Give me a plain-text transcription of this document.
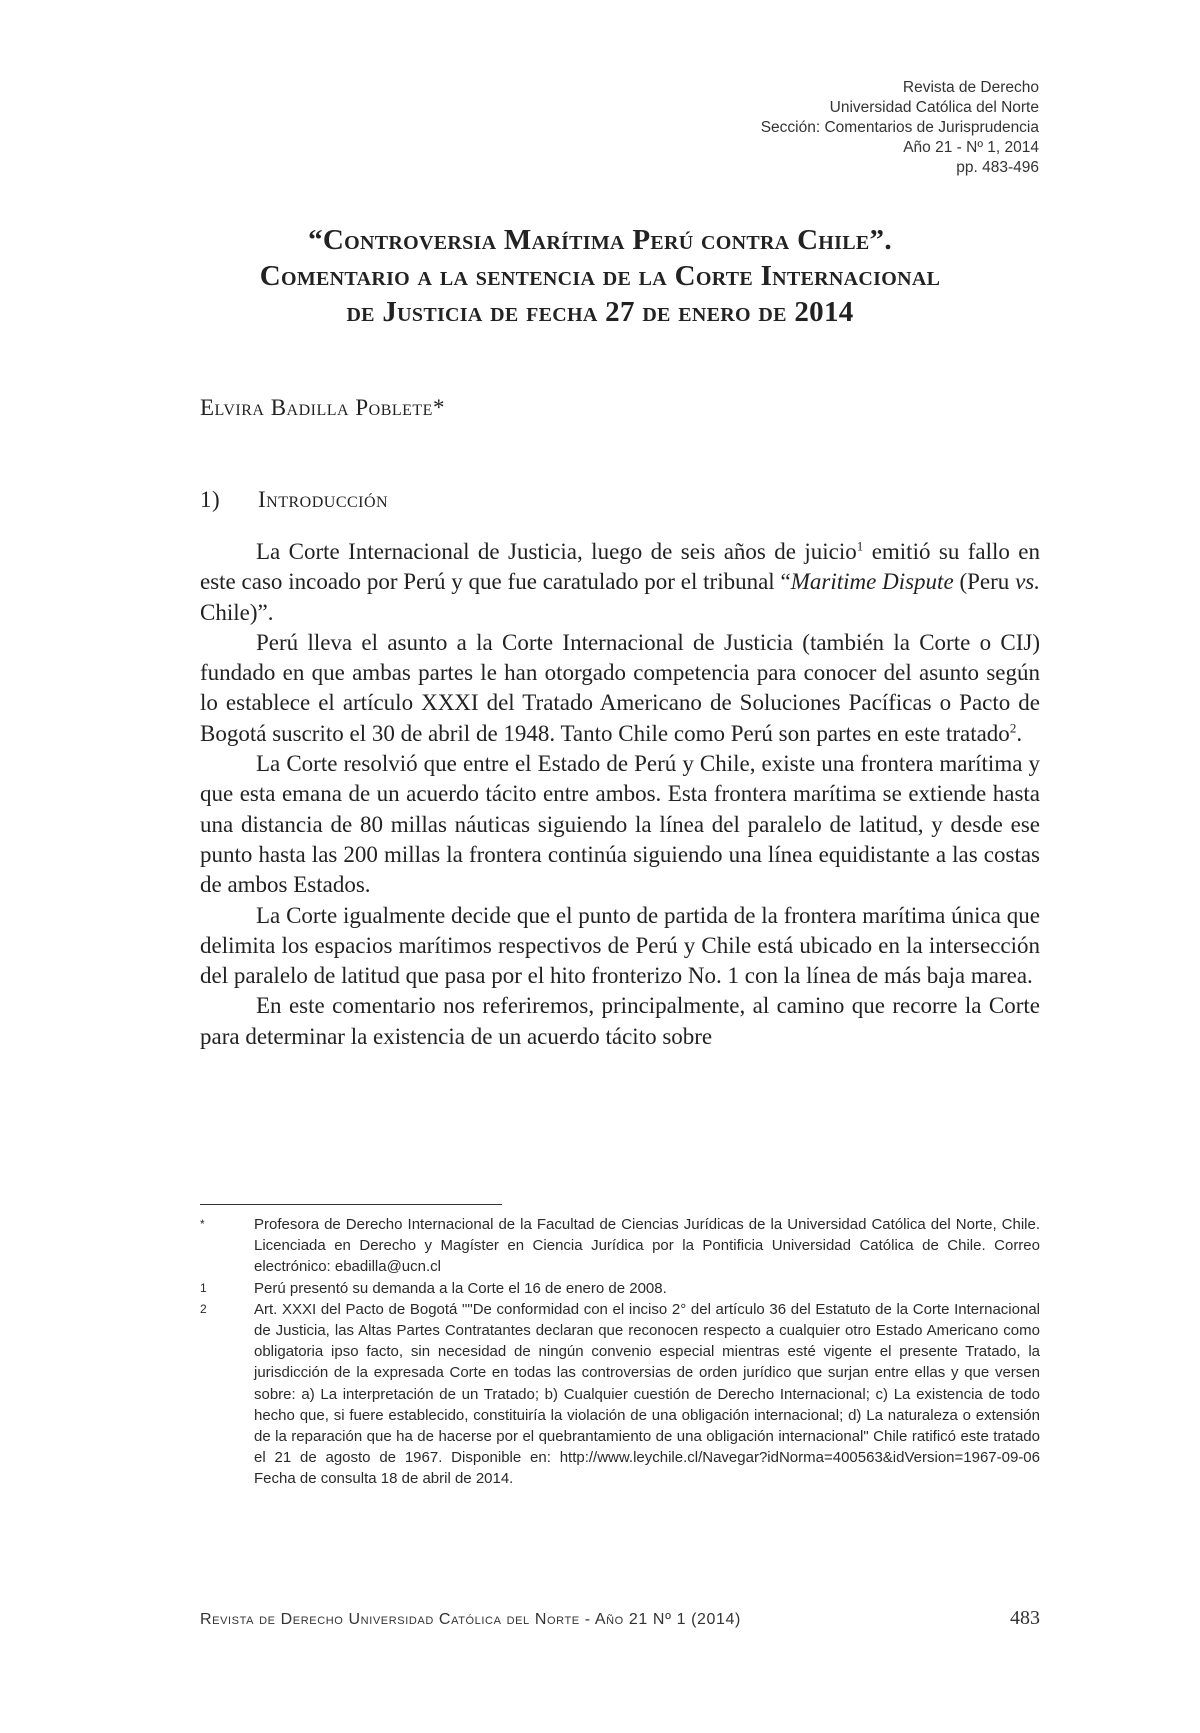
Revista de Derecho
Universidad Católica del Norte
Sección: Comentarios de Jurisprudencia
Año 21 - Nº 1, 2014
pp. 483-496
“Controversia Marítima Perú contra Chile”.
Comentario a la sentencia de la Corte Internacional
de Justicia de fecha 27 de enero de 2014
Elvira Badilla Poblete*
1) Introducción

La Corte Internacional de Justicia, luego de seis años de juicio$^1$ emitió su fallo en este caso incoado por Perú y que fue caratulado por el tribunal “Maritime Dispute (Peru vs. Chile)”.

Perú lleva el asunto a la Corte Internacional de Justicia (también la Corte o CIJ) fundado en que ambas partes le han otorgado competencia para conocer del asunto según lo establece el artículo XXXI del Tratado Americano de Soluciones Pacíficas o Pacto de Bogotá suscrito el 30 de abril de 1948. Tanto Chile como Perú son partes en este tratado$^2$.

La Corte resolvió que entre el Estado de Perú y Chile, existe una frontera marítima y que esta emana de un acuerdo tácito entre ambos. Esta frontera marítima se extiende hasta una distancia de 80 millas náuticas siguiendo la línea del paralelo de latitud, y desde ese punto hasta las 200 millas la frontera continúa siguiendo una línea equidistante a las costas de ambos Estados.

La Corte igualmente decide que el punto de partida de la frontera marítima única que delimita los espacios marítimos respectivos de Perú y Chile está ubicado en la intersección del paralelo de latitud que pasa por el hito fronterizo No. 1 con la línea de más baja marea.

En este comentario nos referiremos, principalmente, al camino que recorre la Corte para determinar la existencia de un acuerdo tácito sobre

*	Profesora de Derecho Internacional de la Facultad de Ciencias Jurídicas de la Universidad Católica del Norte, Chile. Licenciada en Derecho y Magíster en Ciencia Jurídica por la Pontificia Universidad Católica de Chile. Correo electrónico: ebadilla@ucn.cl
1	Perú presentó su demanda a la Corte el 16 de enero de 2008.
2	Art. XXXI del Pacto de Bogotá ""De conformidad con el inciso 2° del artículo 36 del Estatuto de la Corte Internacional de Justicia, las Altas Partes Contratantes declaran que reconocen respecto a cualquier otro Estado Americano como obligatoria ipso facto, sin necesidad de ningún convenio especial mientras esté vigente el presente Tratado, la jurisdicción de la expresada Corte en todas las controversias de orden jurídico que surjan entre ellas y que versen sobre: a) La interpretación de un Tratado; b) Cualquier cuestión de Derecho Internacional; c) La existencia de todo hecho que, si fuere establecido, constituiría la violación de una obligación internacional; d) La naturaleza o extensión de la reparación que ha de hacerse por el quebrantamiento de una obligación internacional" Chile ratificó este tratado el 21 de agosto de 1967. Disponible en: http://www.leychile.cl/Navegar?idNorma=400563&idVersion=1967-09-06 Fecha de consulta 18 de abril de 2014.
Revista de Derecho Universidad Católica del Norte - Año 21 Nº 1 (2014)	483
